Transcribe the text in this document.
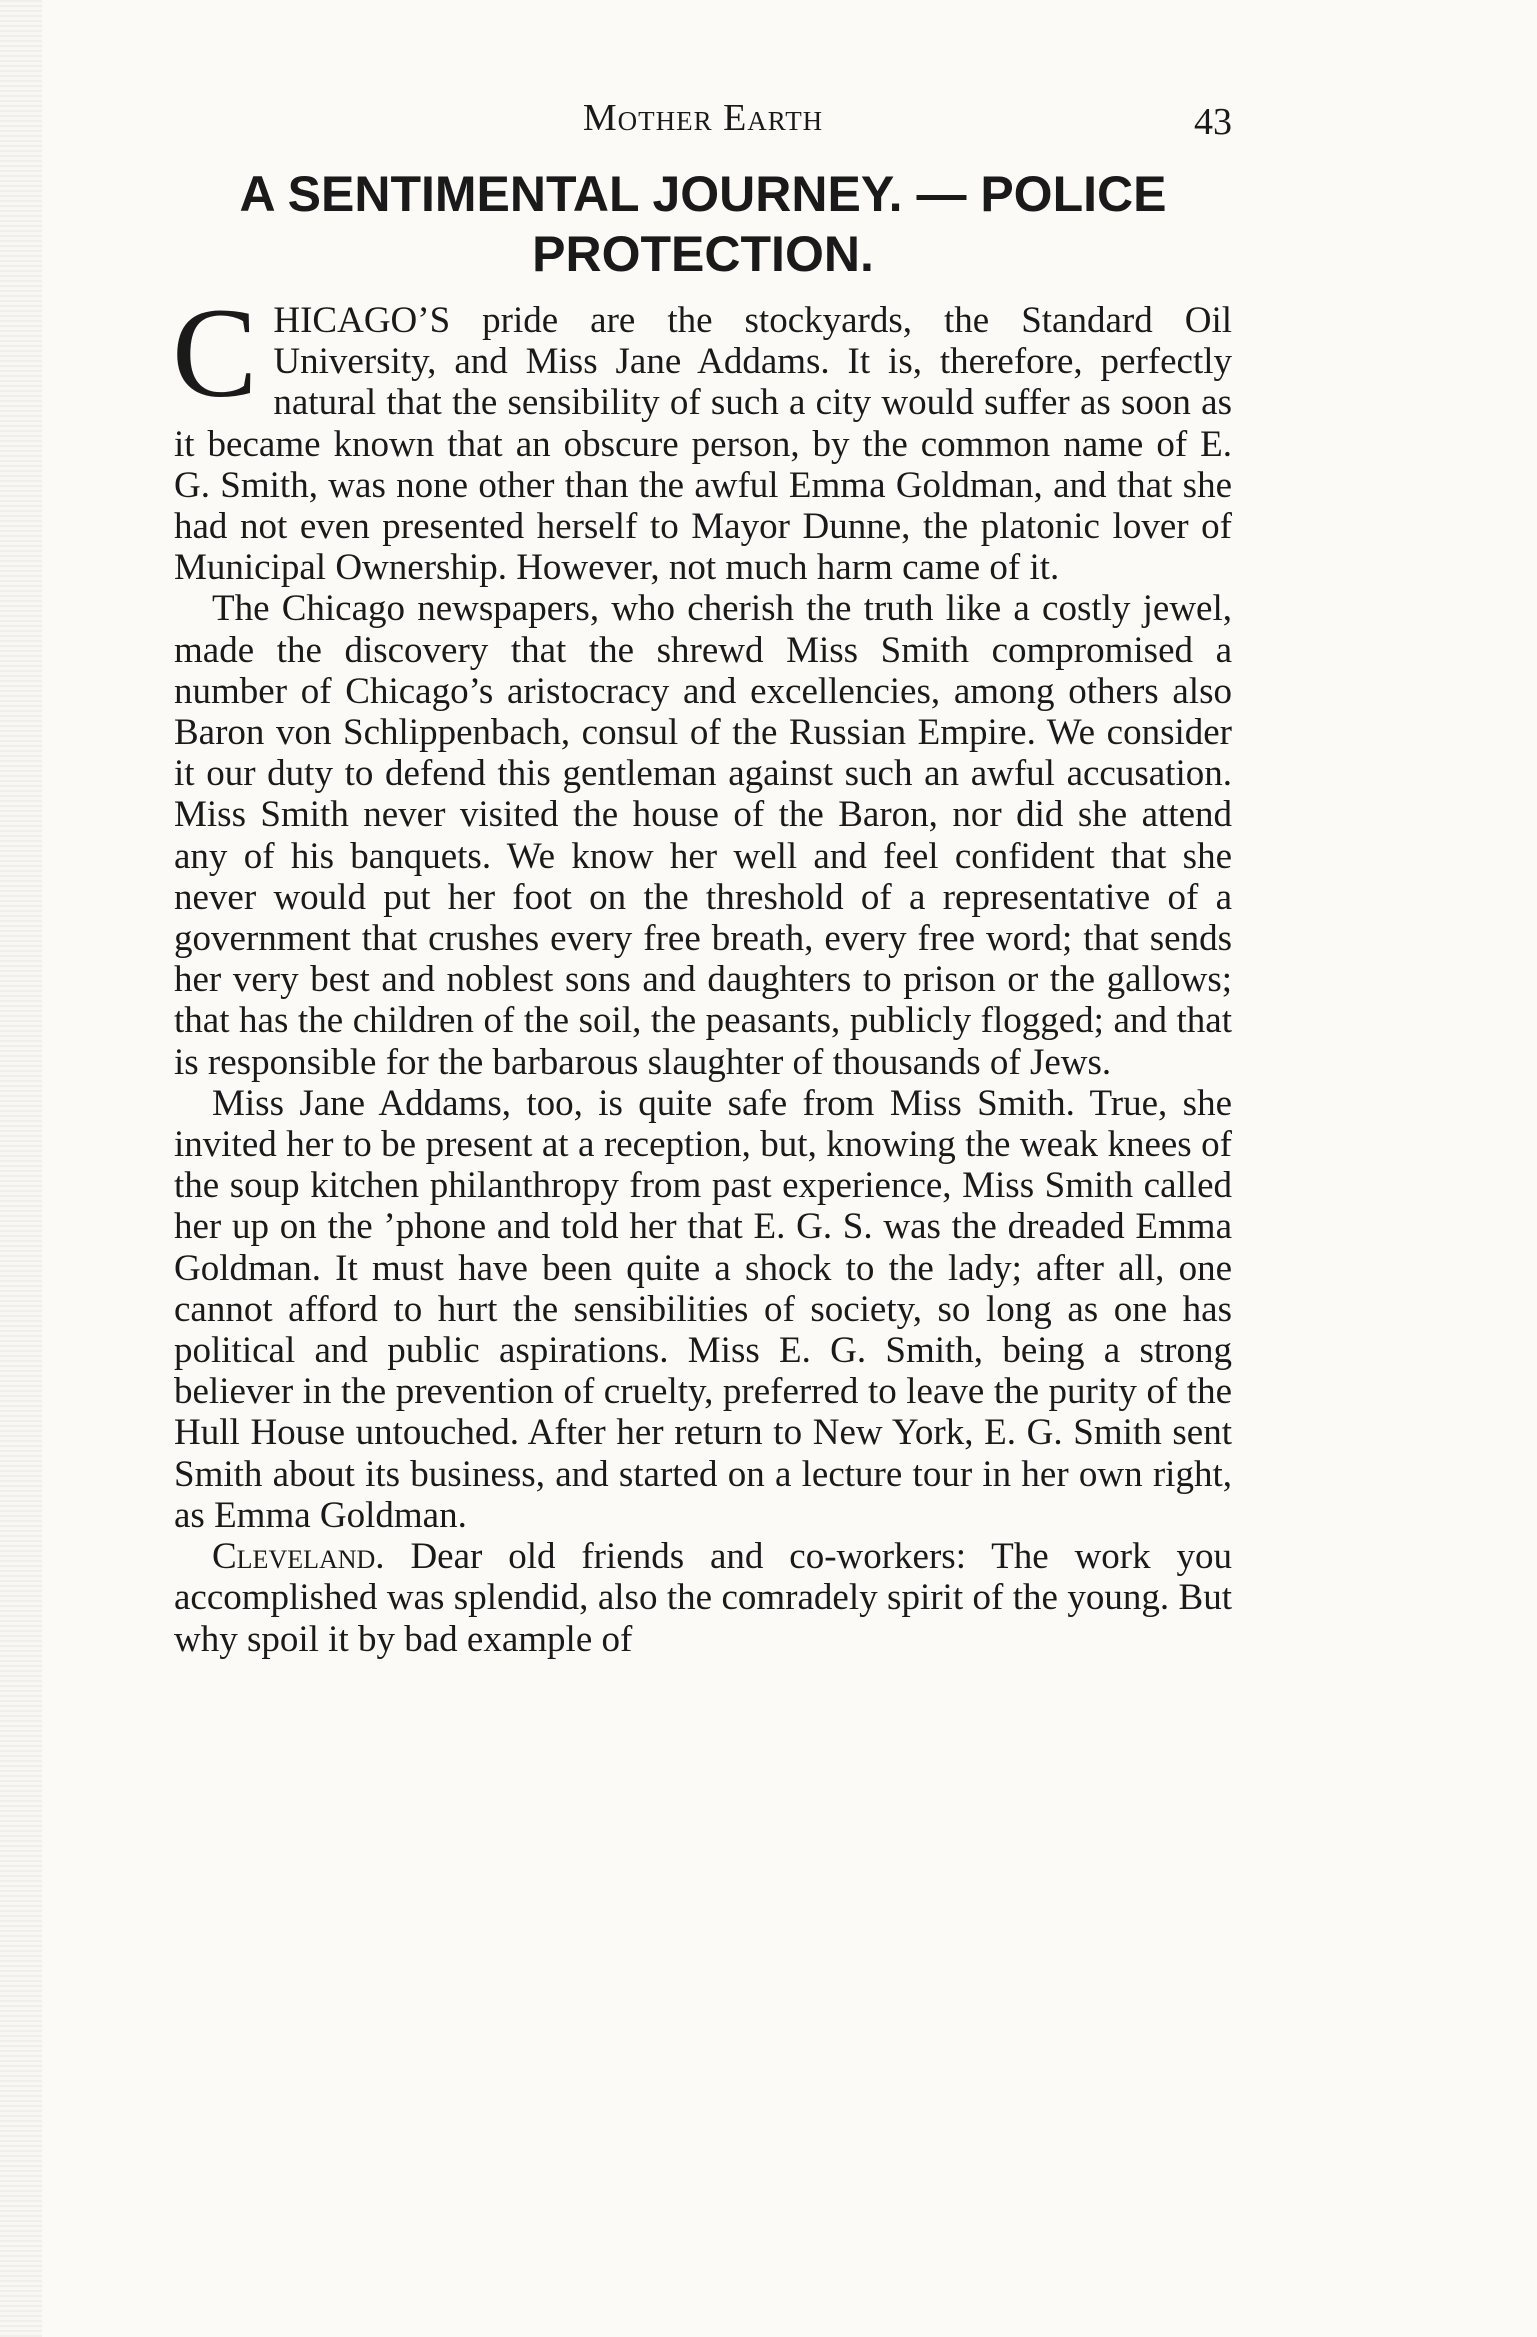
Mother Earth	43
A SENTIMENTAL JOURNEY. — POLICE PROTECTION.

CHICAGO’S pride are the stockyards, the Standard Oil University, and Miss Jane Addams. It is, therefore, perfectly natural that the sensibility of such a city would suffer as soon as it became known that an obscure person, by the common name of E. G. Smith, was none other than the awful Emma Goldman, and that she had not even presented herself to Mayor Dunne, the platonic lover of Municipal Ownership. However, not much harm came of it.

The Chicago newspapers, who cherish the truth like a costly jewel, made the discovery that the shrewd Miss Smith compromised a number of Chicago’s aristocracy and excellencies, among others also Baron von Schlippenbach, consul of the Russian Empire. We consider it our duty to defend this gentleman against such an awful accusation. Miss Smith never visited the house of the Baron, nor did she attend any of his banquets. We know her well and feel confident that she never would put her foot on the threshold of a representative of a government that crushes every free breath, every free word; that sends her very best and noblest sons and daughters to prison or the gallows; that has the children of the soil, the peasants, publicly flogged; and that is responsible for the barbarous slaughter of thousands of Jews.

Miss Jane Addams, too, is quite safe from Miss Smith. True, she invited her to be present at a reception, but, knowing the weak knees of the soup kitchen philanthropy from past experience, Miss Smith called her up on the ’phone and told her that E. G. S. was the dreaded Emma Goldman. It must have been quite a shock to the lady; after all, one cannot afford to hurt the sensibilities of society, so long as one has political and public aspirations. Miss E. G. Smith, being a strong believer in the prevention of cruelty, preferred to leave the purity of the Hull House untouched. After her return to New York, E. G. Smith sent Smith about its business, and started on a lecture tour in her own right, as Emma Goldman.

Cleveland. Dear old friends and co-workers: The work you accomplished was splendid, also the comradely spirit of the young. But why spoil it by bad example of
